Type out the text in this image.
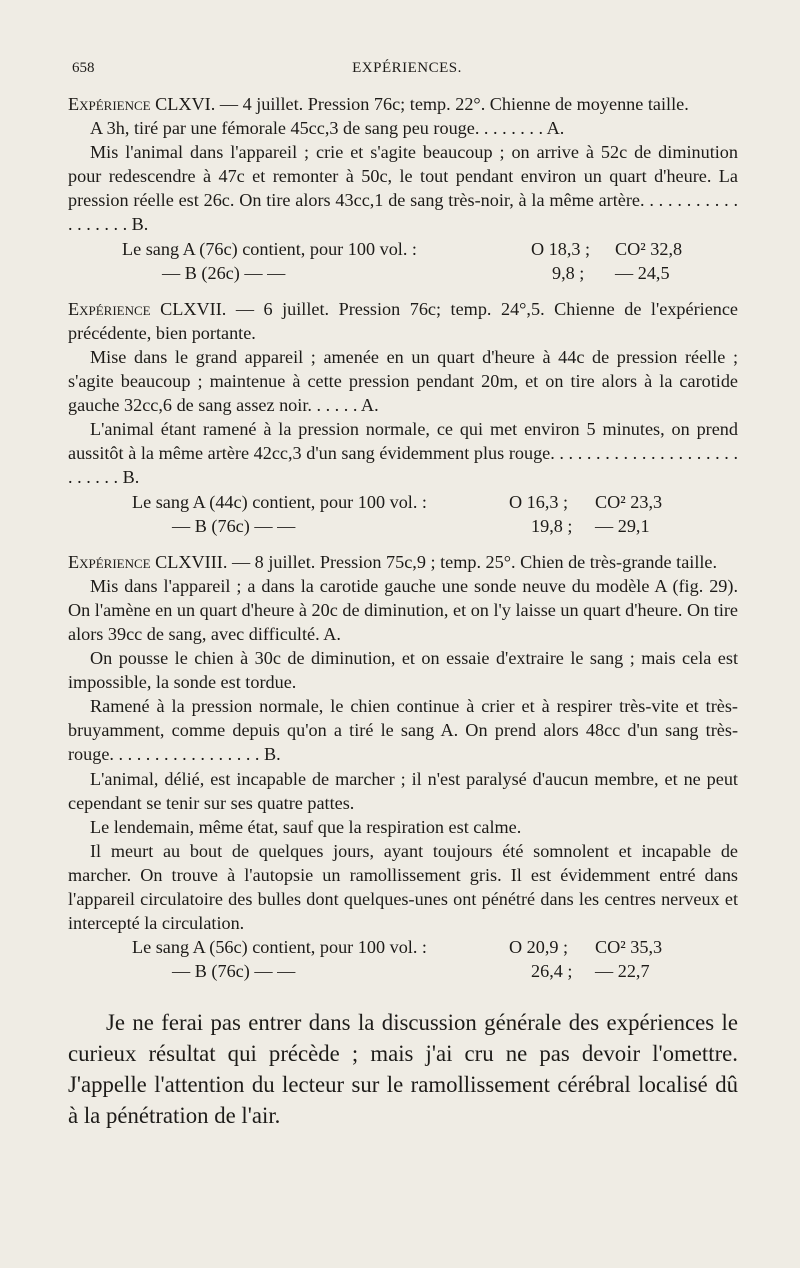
658	EXPÉRIENCES.

Expérience CLXVI. — 4 juillet. Pression 76c; temp. 22°. Chienne de moyenne taille.

A 3h, tiré par une fémorale 45cc,3 de sang peu rouge. . . . . . . . A.

Mis l'animal dans l'appareil ; crie et s'agite beaucoup ; on arrive à 52c de diminution pour redescendre à 47c et remonter à 50c, le tout pendant environ un quart d'heure. La pression réelle est 26c. On tire alors 43cc,1 de sang très-noir, à la même artère. . . . . . . . . . . . . . . . . . B.

Le sang A (76c) contient, pour 100 vol. :	O 18,3 ; CO² 32,8
— B (26c) — —	9,8 ; — 24,5

Expérience CLXVII. — 6 juillet. Pression 76c; temp. 24°,5. Chienne de l'expérience précédente, bien portante.

Mise dans le grand appareil ; amenée en un quart d'heure à 44c de pression réelle ; s'agite beaucoup ; maintenue à cette pression pendant 20m, et on tire alors à la carotide gauche 32cc,6 de sang assez noir. . . . . . A.

L'animal étant ramené à la pression normale, ce qui met environ 5 minutes, on prend aussitôt à la même artère 42cc,3 d'un sang évidemment plus rouge. . . . . . . . . . . . . . . . . . . . . . . . . . . B.

Le sang A (44c) contient, pour 100 vol. :	O 16,3 ; CO² 23,3
— B (76c) — —	19,8 ; — 29,1

Expérience CLXVIII. — 8 juillet. Pression 75c,9 ; temp. 25°. Chien de très-grande taille.

Mis dans l'appareil ; a dans la carotide gauche une sonde neuve du modèle A (fig. 29). On l'amène en un quart d'heure à 20c de diminution, et on l'y laisse un quart d'heure. On tire alors 39cc de sang, avec difficulté. A.

On pousse le chien à 30c de diminution, et on essaie d'extraire le sang ; mais cela est impossible, la sonde est tordue.

Ramené à la pression normale, le chien continue à crier et à respirer très-vite et très-bruyamment, comme depuis qu'on a tiré le sang A. On prend alors 48cc d'un sang très-rouge. . . . . . . . . . . . . . . . . B.

L'animal, délié, est incapable de marcher ; il n'est paralysé d'aucun membre, et ne peut cependant se tenir sur ses quatre pattes.

Le lendemain, même état, sauf que la respiration est calme.

Il meurt au bout de quelques jours, ayant toujours été somnolent et incapable de marcher. On trouve à l'autopsie un ramollissement gris. Il est évidemment entré dans l'appareil circulatoire des bulles dont quelques-unes ont pénétré dans les centres nerveux et intercepté la circulation.

Le sang A (56c) contient, pour 100 vol. :	O 20,9 ; CO² 35,3
— B (76c) — —	26,4 ; — 22,7

Je ne ferai pas entrer dans la discussion générale des expériences le curieux résultat qui précède ; mais j'ai cru ne pas devoir l'omettre. J'appelle l'attention du lecteur sur le ramollissement cérébral localisé dû à la pénétration de l'air.
